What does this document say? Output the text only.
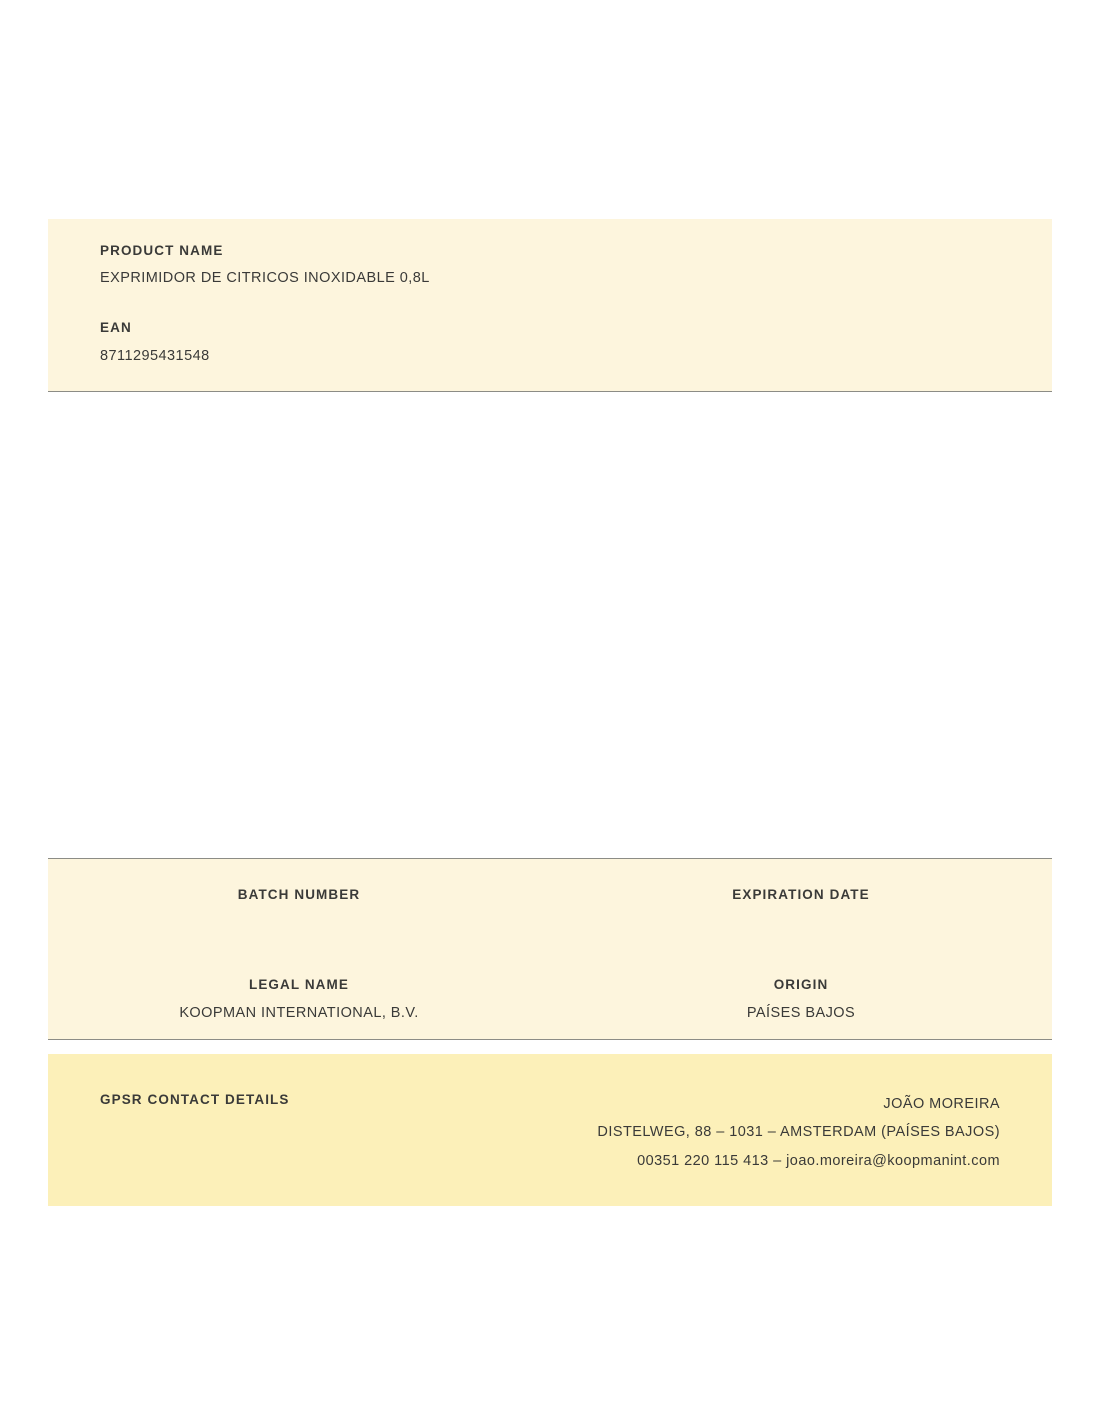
PRODUCT NAME
EXPRIMIDOR DE CITRICOS INOXIDABLE 0,8L
EAN
8711295431548
BATCH NUMBER	EXPIRATION DATE
LEGAL NAME
KOOPMAN INTERNATIONAL, B.V.
ORIGIN
PAÍSES BAJOS
GPSR CONTACT DETAILS	JOÃO MOREIRA
DISTELWEG, 88 – 1031 – AMSTERDAM (PAÍSES BAJOS)
00351 220 115 413 – joao.moreira@koopmanint.com
